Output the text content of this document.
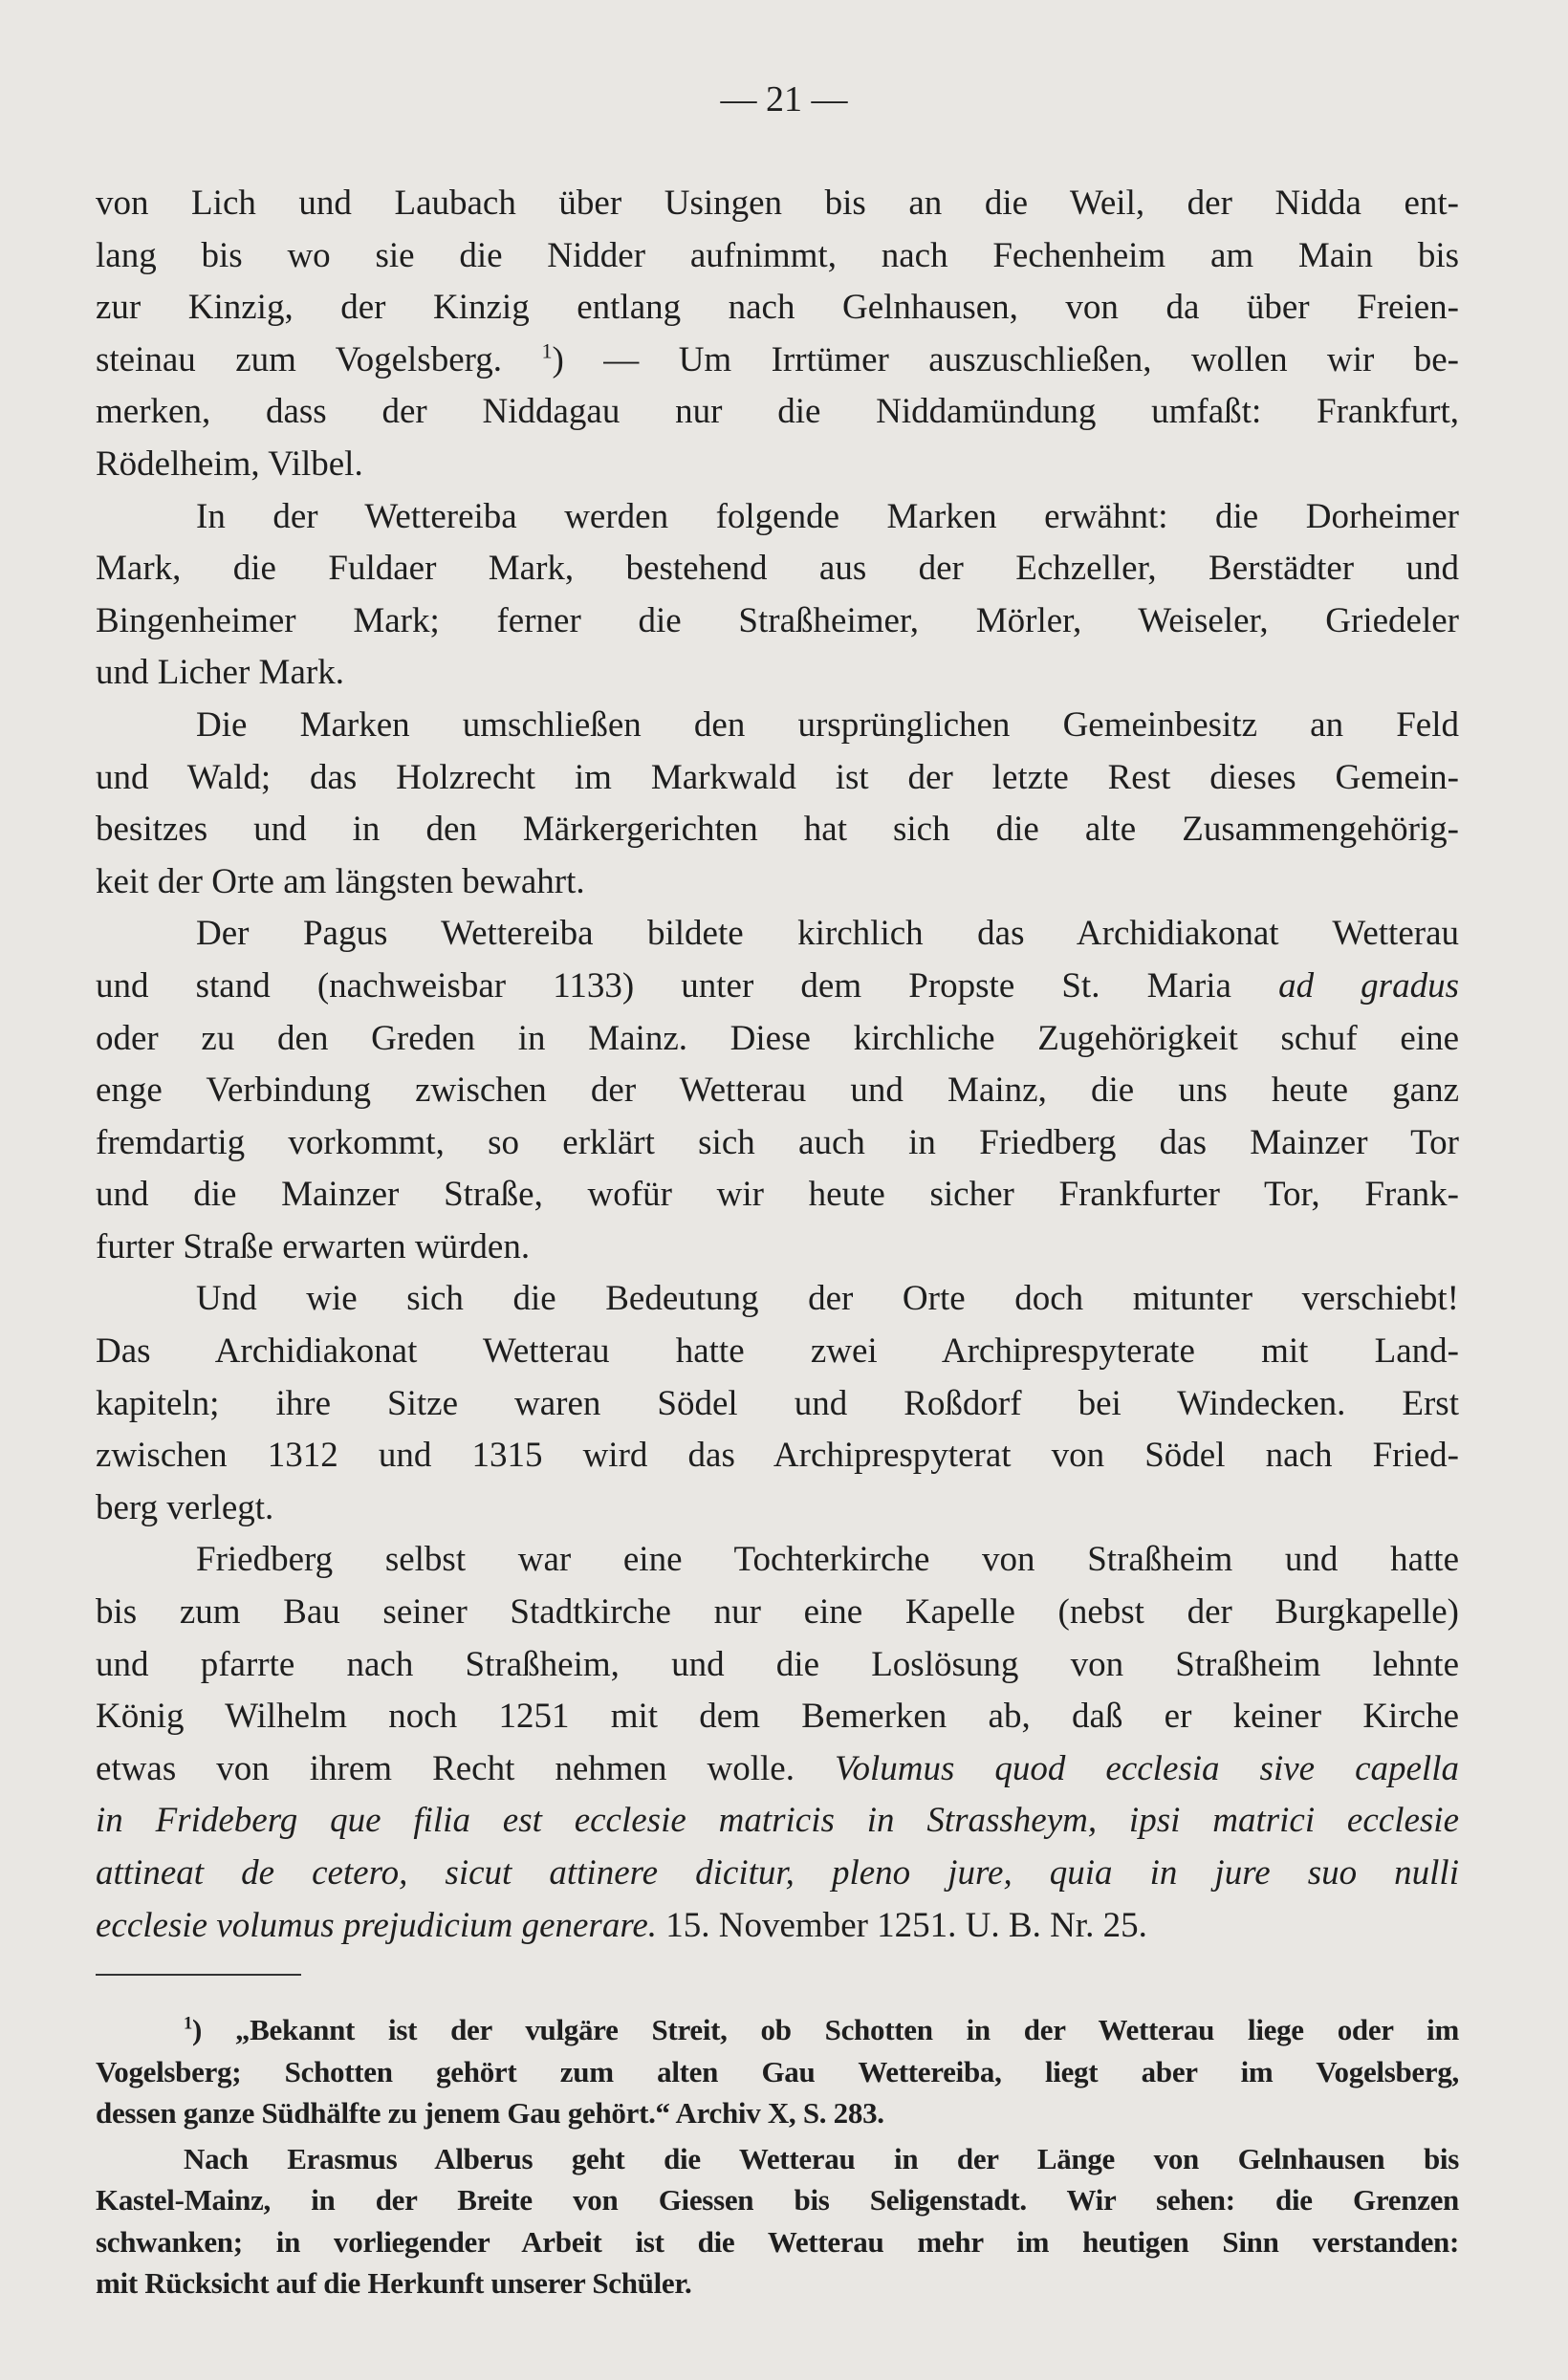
— 21 —
von Lich und Laubach über Usingen bis an die Weil, der Nidda ent-
lang bis wo sie die Nidder aufnimmt, nach Fechenheim am Main bis
zur Kinzig, der Kinzig entlang nach Gelnhausen, von da über Freien-
steinau zum Vogelsberg. $^1$) — Um Irrtümer auszuschließen, wollen wir be-
merken, dass der Niddagau nur die Niddamündung umfaßt: Frankfurt,
Rödelheim, Vilbel.
In der Wettereiba werden folgende Marken erwähnt: die Dorheimer
Mark, die Fuldaer Mark, bestehend aus der Echzeller, Berstädter und
Bingenheimer Mark; ferner die Straßheimer, Mörler, Weiseler, Griedeler
und Licher Mark.
Die Marken umschließen den ursprünglichen Gemeinbesitz an Feld
und Wald; das Holzrecht im Markwald ist der letzte Rest dieses Gemein-
besitzes und in den Märkergerichten hat sich die alte Zusammengehörig-
keit der Orte am längsten bewahrt.
Der Pagus Wettereiba bildete kirchlich das Archidiakonat Wetterau
und stand (nachweisbar 1133) unter dem Propste St. Maria ad gradus
oder zu den Greden in Mainz. Diese kirchliche Zugehörigkeit schuf eine
enge Verbindung zwischen der Wetterau und Mainz, die uns heute ganz
fremdartig vorkommt, so erklärt sich auch in Friedberg das Mainzer Tor
und die Mainzer Straße, wofür wir heute sicher Frankfurter Tor, Frank-
furter Straße erwarten würden.
Und wie sich die Bedeutung der Orte doch mitunter verschiebt!
Das Archidiakonat Wetterau hatte zwei Archiprespyterate mit Land-
kapiteln; ihre Sitze waren Södel und Roßdorf bei Windecken. Erst
zwischen 1312 und 1315 wird das Archiprespyterat von Södel nach Fried-
berg verlegt.
Friedberg selbst war eine Tochterkirche von Straßheim und hatte
bis zum Bau seiner Stadtkirche nur eine Kapelle (nebst der Burgkapelle)
und pfarrte nach Straßheim, und die Loslösung von Straßheim lehnte
König Wilhelm noch 1251 mit dem Bemerken ab, daß er keiner Kirche
etwas von ihrem Recht nehmen wolle. Volumus quod ecclesia sive capella
in Frideberg que filia est ecclesie matricis in Strassheym, ipsi matrici ecclesie
attineat de cetero, sicut attinere dicitur, pleno jure, quia in jure suo nulli
ecclesie volumus prejudicium generare. 15. November 1251. U. B. Nr. 25.
$^1$) „Bekannt ist der vulgäre Streit, ob Schotten in der Wetterau liege oder im
Vogelsberg; Schotten gehört zum alten Gau Wettereiba, liegt aber im Vogelsberg,
dessen ganze Südhälfte zu jenem Gau gehört.“ Archiv X, S. 283.
Nach Erasmus Alberus geht die Wetterau in der Länge von Gelnhausen bis
Kastel-Mainz, in der Breite von Giessen bis Seligenstadt. Wir sehen: die Grenzen
schwanken; in vorliegender Arbeit ist die Wetterau mehr im heutigen Sinn verstanden:
mit Rücksicht auf die Herkunft unserer Schüler.
